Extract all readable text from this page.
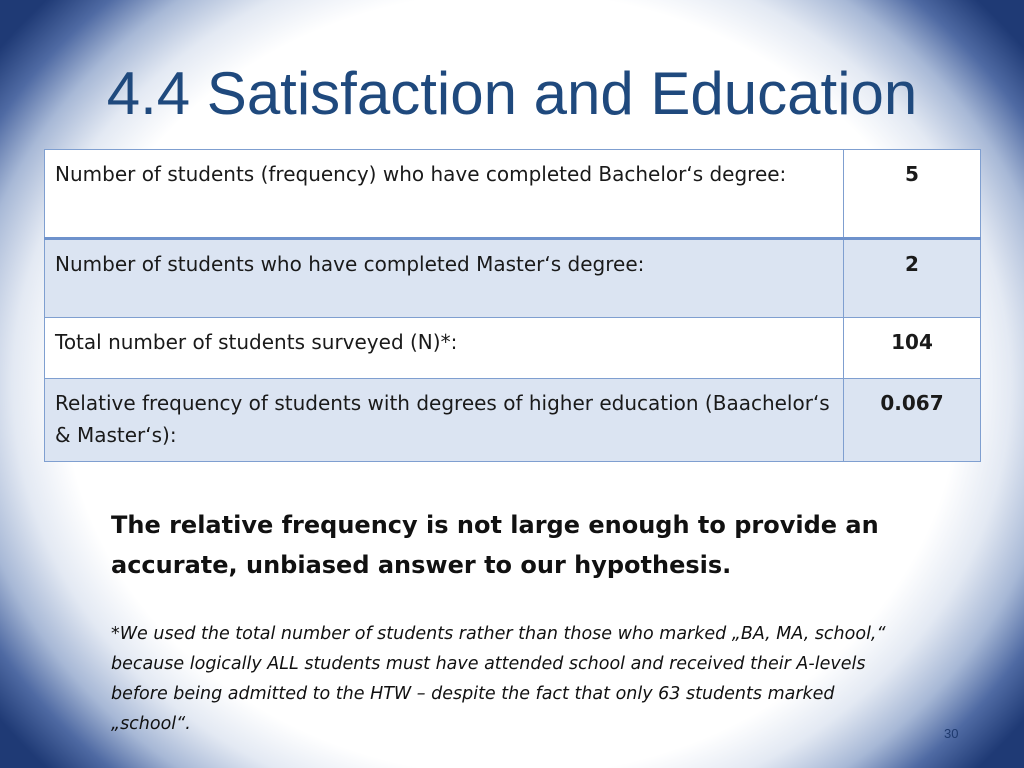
4.4 Satisfaction and Education
Number of students (frequency) who have completed Bachelor‘s degree:	5
Number of students who have completed Master‘s degree:	2
Total number of students surveyed (N)*:	104
Relative frequency of students with degrees of higher education (Baachelor‘s & Master‘s):	0.067

The relative frequency is not large enough to provide an accurate, unbiased answer to our hypothesis.

*We used the total number of students rather than those who marked „BA, MA, school,“ because logically ALL students must have attended school and received their A-levels before being admitted to the HTW – despite the fact that only 63 students marked „school“.	30
